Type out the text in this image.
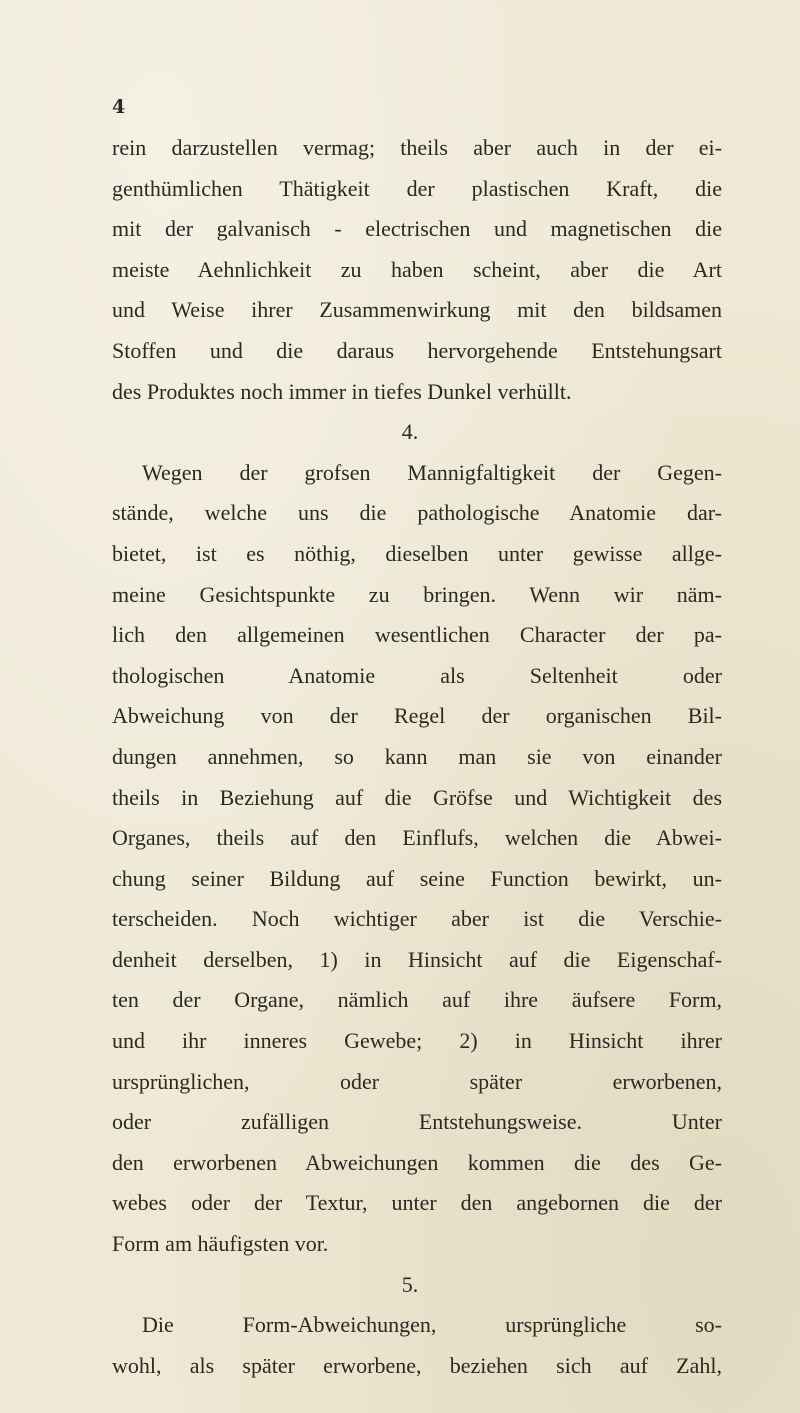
4
rein darzustellen vermag; theils aber auch in der ei-
genthümlichen Thätigkeit der plastischen Kraft, die
mit der galvanisch - electrischen und magnetischen die
meiste Aehnlichkeit zu haben scheint, aber die Art
und Weise ihrer Zusammenwirkung mit den bildsamen
Stoffen und die daraus hervorgehende Entstehungsart
des Produktes noch immer in tiefes Dunkel verhüllt.
4.
Wegen der grofsen Mannigfaltigkeit der Gegen-
stände, welche uns die pathologische Anatomie dar-
bietet, ist es nöthig, dieselben unter gewisse allge-
meine Gesichtspunkte zu bringen. Wenn wir näm-
lich den allgemeinen wesentlichen Character der pa-
thologischen Anatomie als Seltenheit oder
Abweichung von der Regel der organischen Bil-
dungen annehmen, so kann man sie von einander
theils in Beziehung auf die Gröfse und Wichtigkeit des
Organes, theils auf den Einflufs, welchen die Abwei-
chung seiner Bildung auf seine Function bewirkt, un-
terscheiden. Noch wichtiger aber ist die Verschie-
denheit derselben, 1) in Hinsicht auf die Eigenschaf-
ten der Organe, nämlich auf ihre äufsere Form,
und ihr inneres Gewebe; 2) in Hinsicht ihrer
ursprünglichen, oder später erworbenen,
oder zufälligen Entstehungsweise. Unter
den erworbenen Abweichungen kommen die des Ge-
webes oder der Textur, unter den angebornen die der
Form am häufigsten vor.
5.
Die Form-Abweichungen, ursprüngliche so-
wohl, als später erworbene, beziehen sich auf Zahl,
